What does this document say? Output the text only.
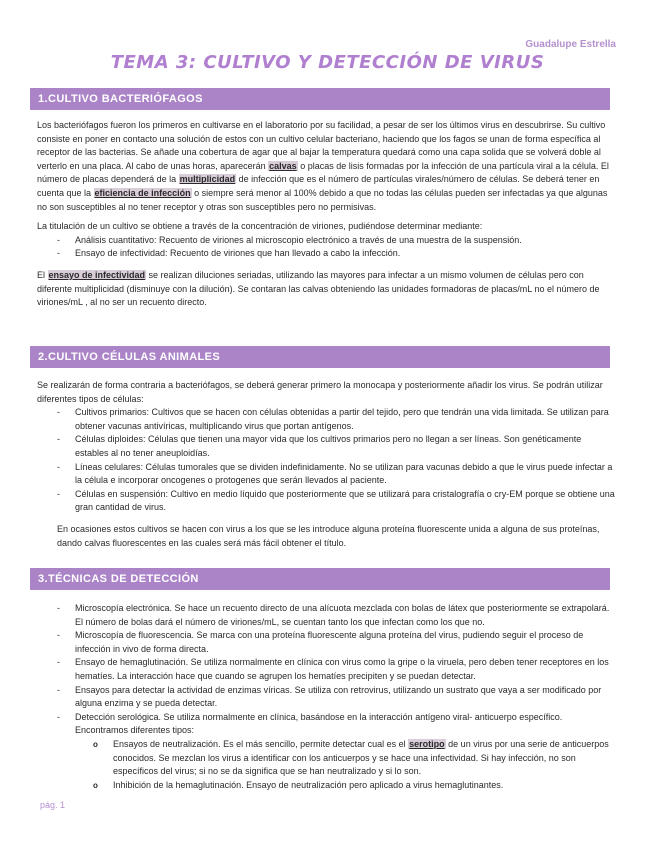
Guadalupe Estrella
TEMA 3: CULTIVO Y DETECCIÓN DE VIRUS
1.CULTIVO BACTERIÓFAGOS

Los bacteriófagos fueron los primeros en cultivarse en el laboratorio por su facilidad, a pesar de ser los últimos virus en descubrirse. Su cultivo consiste en poner en contacto una solución de estos con un cultivo celular bacteriano, haciendo que los fagos se unan de forma específica al receptor de las bacterias. Se añade una cobertura de agar que al bajar la temperatura quedará como una capa solida que se volverá doble al verterlo en una placa. Al cabo de unas horas, aparecerán calvas o placas de lisis formadas por la infección de una partícula viral a la célula. El número de placas dependerá de la multiplicidad de infección que es el número de partículas virales/número de células. Se deberá tener en cuenta que la eficiencia de infección o siempre será menor al 100% debido a que no todas las células pueden ser infectadas ya que algunas no son susceptibles al no tener receptor y otras son susceptibles pero no permisivas.

La titulación de un cultivo se obtiene a través de la concentración de viriones, pudiéndose determinar mediante:

- Análisis cuantitativo: Recuento de viriones al microscopio electrónico a través de una muestra de la suspensión.
- Ensayo de infectividad: Recuento de viriones que han llevado a cabo la infección.

El ensayo de infectividad se realizan diluciones seriadas, utilizando las mayores para infectar a un mismo volumen de células pero con diferente multiplicidad (disminuye con la dilución). Se contaran las calvas obteniendo las unidades formadoras de placas/mL no el número de viriones/mL , al no ser un recuento directo.

2.CULTIVO CÉLULAS ANIMALES

Se realizarán de forma contraria a bacteriófagos, se deberá generar primero la monocapa y posteriormente añadir los virus. Se podrán utilizar diferentes tipos de células:

- Cultivos primarios: Cultivos que se hacen con células obtenidas a partir del tejido, pero que tendrán una vida limitada. Se utilizan para obtener vacunas antivíricas, multiplicando virus que portan antígenos.
- Células diploides: Células que tienen una mayor vida que los cultivos primarios pero no llegan a ser líneas. Son genéticamente estables al no tener aneuploidías.
- Líneas celulares: Células tumorales que se dividen indefinidamente. No se utilizan para vacunas debido a que le virus puede infectar a la célula e incorporar oncogenes o protogenes que serán llevados al paciente.
- Células en suspensión: Cultivo en medio líquido que posteriormente que se utilizará para cristalografía o cry-EM porque se obtiene una gran cantidad de virus.

En ocasiones estos cultivos se hacen con virus a los que se les introduce alguna proteína fluorescente unida a alguna de sus proteínas, dando calvas fluorescentes en las cuales será más fácil obtener el título.

3.TÉCNICAS DE DETECCIÓN
- Microscopía electrónica. Se hace un recuento directo de una alícuota mezclada con bolas de látex que posteriormente se extrapolará. El número de bolas dará el número de viriones/mL, se cuentan tanto los que infectan como los que no.
- Microscopía de fluorescencia. Se marca con una proteína fluorescente alguna proteína del virus, pudiendo seguir el proceso de infección in vivo de forma directa.
- Ensayo de hemaglutinación. Se utiliza normalmente en clínica con virus como la gripe o la viruela, pero deben tener receptores en los hematíes. La interacción hace que cuando se agrupen los hematíes precipiten y se puedan detectar.
- Ensayos para detectar la actividad de enzimas víricas. Se utiliza con retrovirus, utilizando un sustrato que vaya a ser modificado por alguna enzima y se pueda detectar.
- Detección serológica. Se utiliza normalmente en clínica, basándose en la interacción antígeno viral- anticuerpo específico. Encontramos diferentes tipos:
o Ensayos de neutralización. Es el más sencillo, permite detectar cual es el serotipo de un virus por una serie de anticuerpos conocidos. Se mezclan los virus a identificar con los anticuerpos y se hace una infectividad. Si hay infección, no son específicos del virus; si no se da significa que se han neutralizado y si lo son.
o Inhibición de la hemaglutinación. Ensayo de neutralización pero aplicado a virus hemaglutinantes.
pág. 1
